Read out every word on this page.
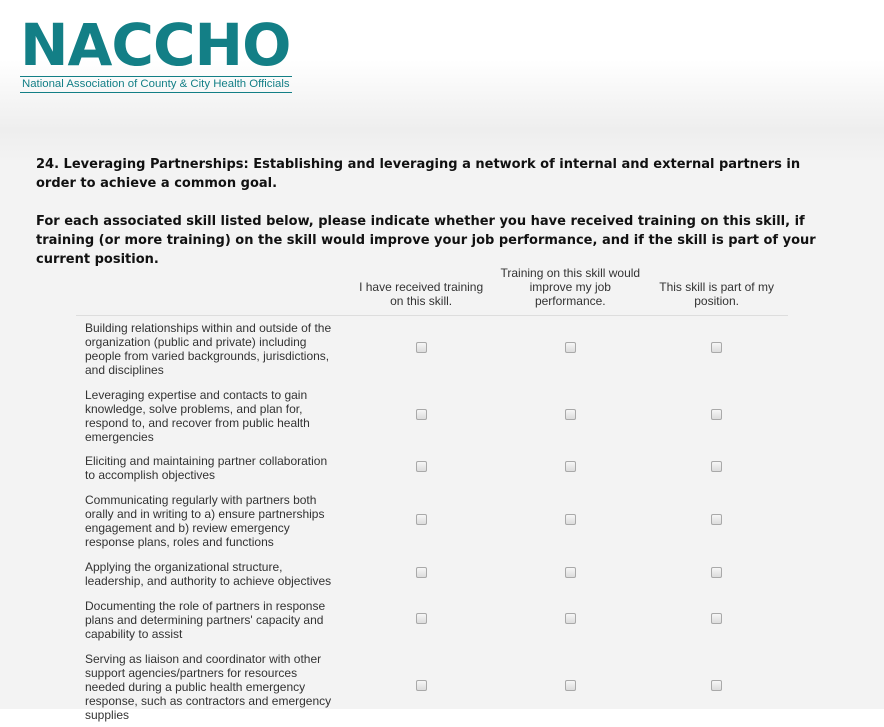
NACCHO
National Association of County & City Health Officials

24. Leveraging Partnerships: Establishing and leveraging a network of internal and external partners in order to achieve a common goal.

For each associated skill listed below, please indicate whether you have received training on this skill, if training (or more training) on the skill would improve your job performance, and if the skill is part of your current position.

	I have received training on this skill.	Training on this skill would improve my job performance.	This skill is part of my position.
Building relationships within and outside of the organization (public and private) including people from varied backgrounds, jurisdictions, and disciplines			
Leveraging expertise and contacts to gain knowledge, solve problems, and plan for, respond to, and recover from public health emergencies			
Eliciting and maintaining partner collaboration to accomplish objectives			
Communicating regularly with partners both orally and in writing to a) ensure partnerships engagement and b) review emergency response plans, roles and functions			
Applying the organizational structure, leadership, and authority to achieve objectives			
Documenting the role of partners in response plans and determining partners' capacity and capability to assist			
Serving as liaison and coordinator with other support agencies/partners for resources needed during a public health emergency response, such as contractors and emergency supplies			
